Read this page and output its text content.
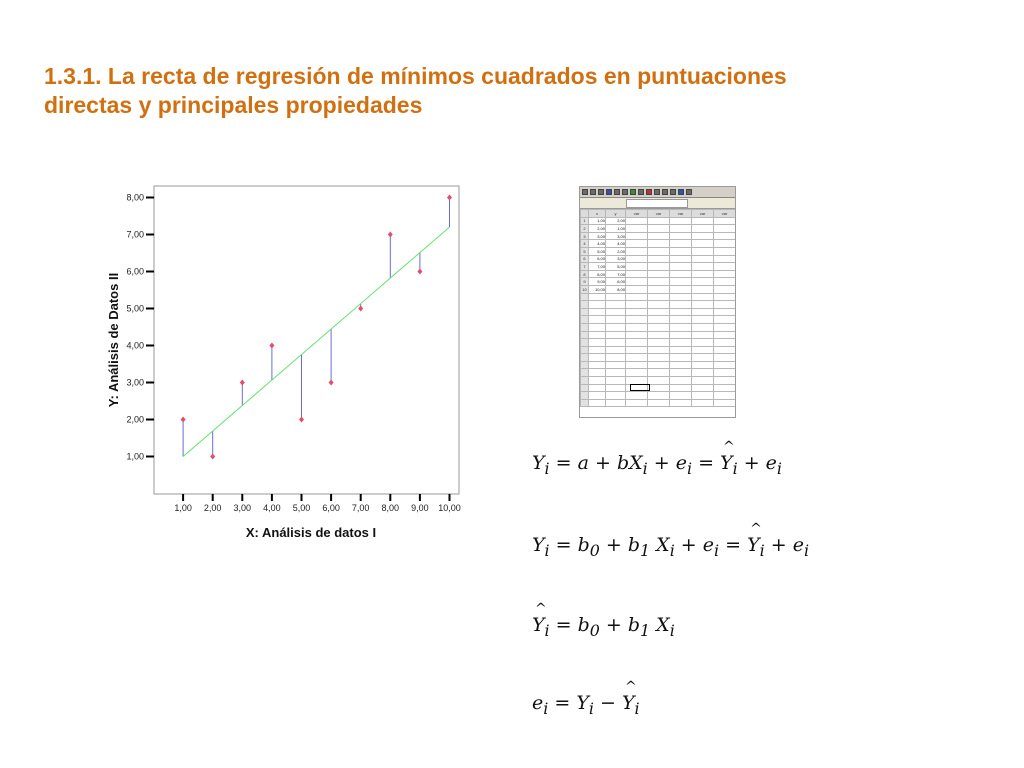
1.3.1. La recta de regresión de mínimos cuadrados en puntuaciones
directas y principales propiedades
1,00
2,00
3,00
4,00
5,00
6,00
7,00
8,00
1,00 2,00 3,00 4,00 5,00 6,00 7,00 8,00 9,00 10,00
Y: Análisis de Datos II
X: Análisis de datos I
	x	y	var	var	var	var	var
1	1,00	2,00					
2	2,00	1,00					
3	3,00	3,00					
4	4,00	4,00					
5	5,00	2,00					
6	6,00	3,00					
7	7,00	5,00					
8	8,00	7,00					
9	9,00	6,00					
10	10,00	8,00					

$Y_i = a + bX_i + e_i$ = ^ $Y_i + e_i$
$Y_i = b_0 + b_1$ $X_i + e_i$ = ^ $Y_i + e_i$
^ $Y_i = b_0 + b_1$ $X_i$
$e_i = Y_i$ − ^ $Y_i$
